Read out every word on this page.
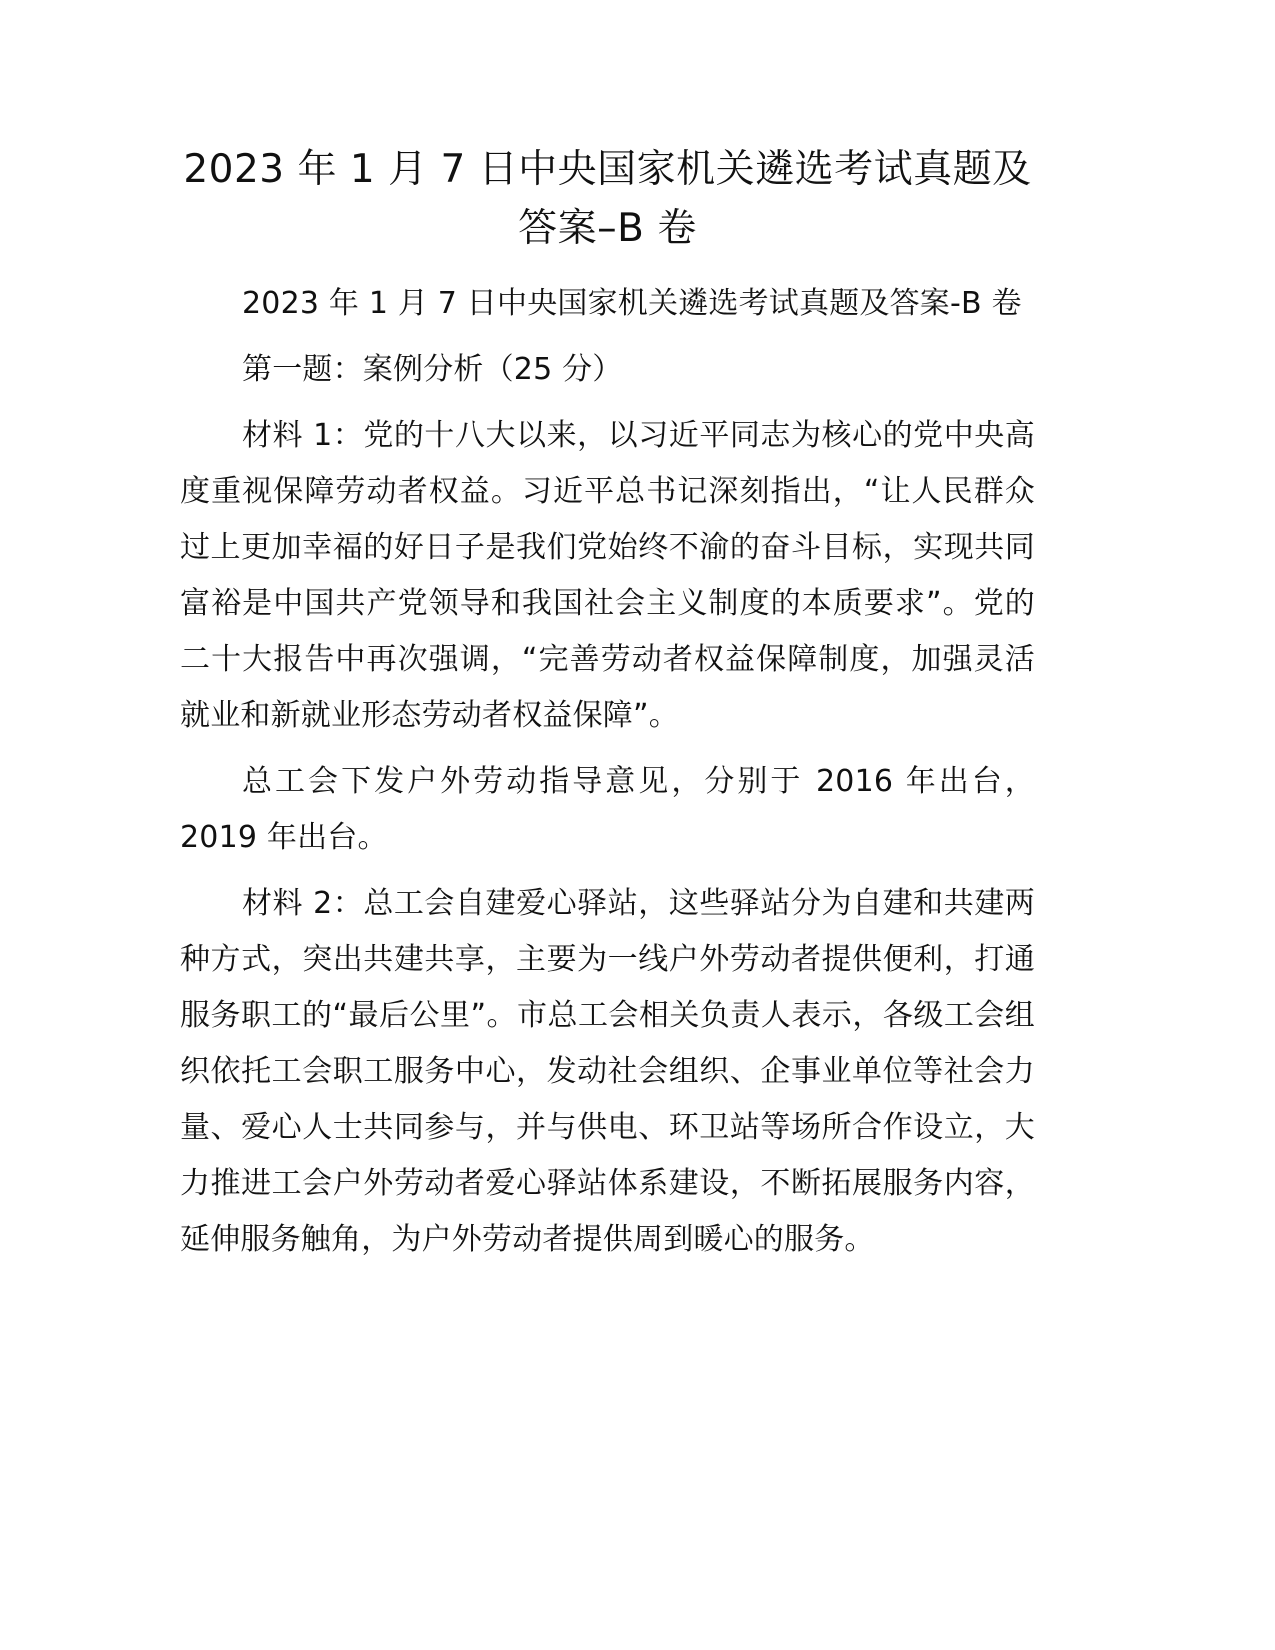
2023 年 1 月 7 日中央国家机关遴选考试真题及
答案–B 卷

2023 年 1 月 7 日中央国家机关遴选考试真题及答案-B 卷

第一题：案例分析（25 分）

材料 1：党的十八大以来，以习近平同志为核心的党中央高度重视保障劳动者权益。习近平总书记深刻指出，“让人民群众过上更加幸福的好日子是我们党始终不渝的奋斗目标，实现共同富裕是中国共产党领导和我国社会主义制度的本质要求”。党的二十大报告中再次强调，“完善劳动者权益保障制度，加强灵活就业和新就业形态劳动者权益保障”。

总工会下发户外劳动指导意见，分别于 2016 年出台，2019 年出台。

材料 2：总工会自建爱心驿站，这些驿站分为自建和共建两种方式，突出共建共享，主要为一线户外劳动者提供便利，打通服务职工的“最后公里”。市总工会相关负责人表示，各级工会组织依托工会职工服务中心，发动社会组织、企事业单位等社会力量、爱心人士共同参与，并与供电、环卫站等场所合作设立，大力推进工会户外劳动者爱心驿站体系建设，不断拓展服务内容，延伸服务触角，为户外劳动者提供周到暖心的服务。
